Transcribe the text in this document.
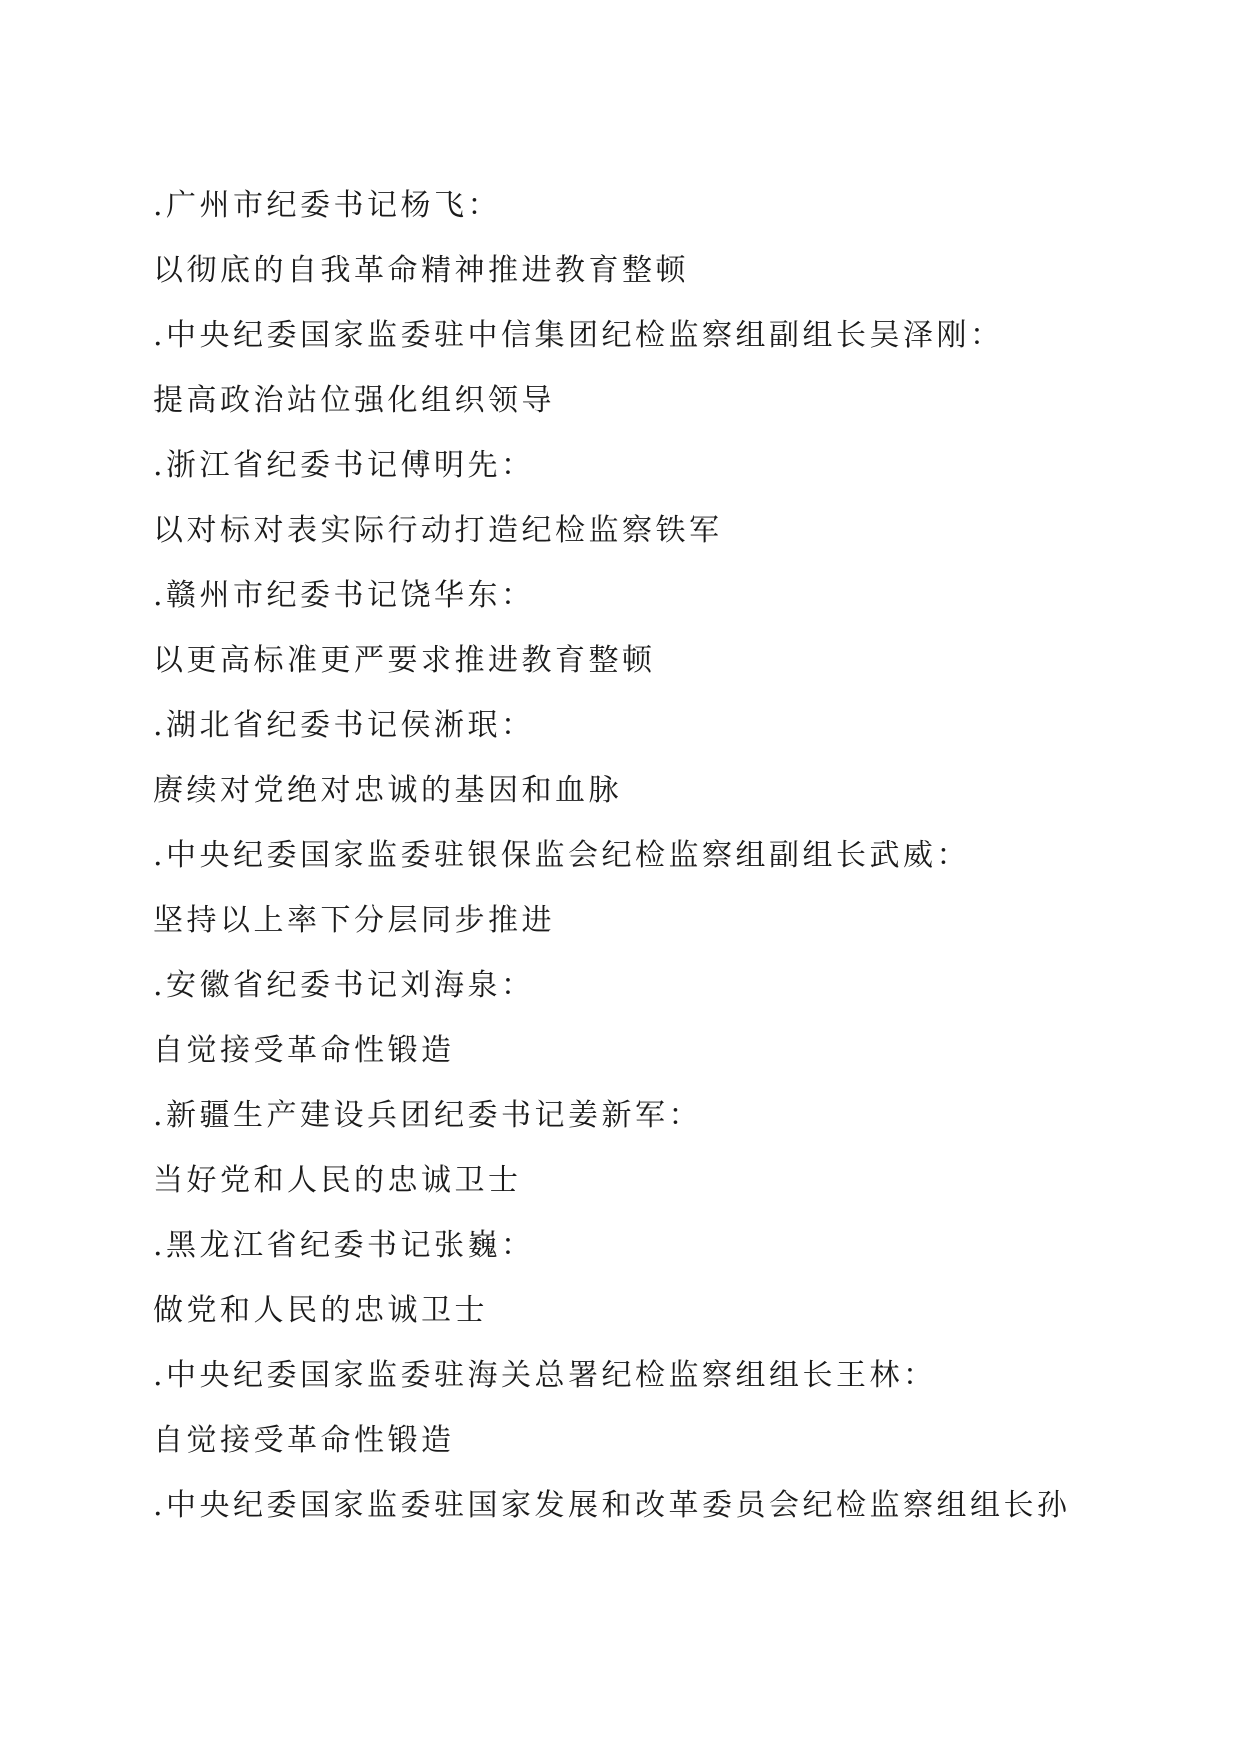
.广州市纪委书记杨飞：
以彻底的自我革命精神推进教育整顿
.中央纪委国家监委驻中信集团纪检监察组副组长吴泽刚：
提高政治站位强化组织领导
.浙江省纪委书记傅明先：
以对标对表实际行动打造纪检监察铁军
.赣州市纪委书记饶华东：
以更高标准更严要求推进教育整顿
.湖北省纪委书记侯淅珉：
赓续对党绝对忠诚的基因和血脉
.中央纪委国家监委驻银保监会纪检监察组副组长武威：
坚持以上率下分层同步推进
.安徽省纪委书记刘海泉：
自觉接受革命性锻造
.新疆生产建设兵团纪委书记姜新军：
当好党和人民的忠诚卫士
.黑龙江省纪委书记张巍：
做党和人民的忠诚卫士
.中央纪委国家监委驻海关总署纪检监察组组长王林：
自觉接受革命性锻造
.中央纪委国家监委驻国家发展和改革委员会纪检监察组组长孙
